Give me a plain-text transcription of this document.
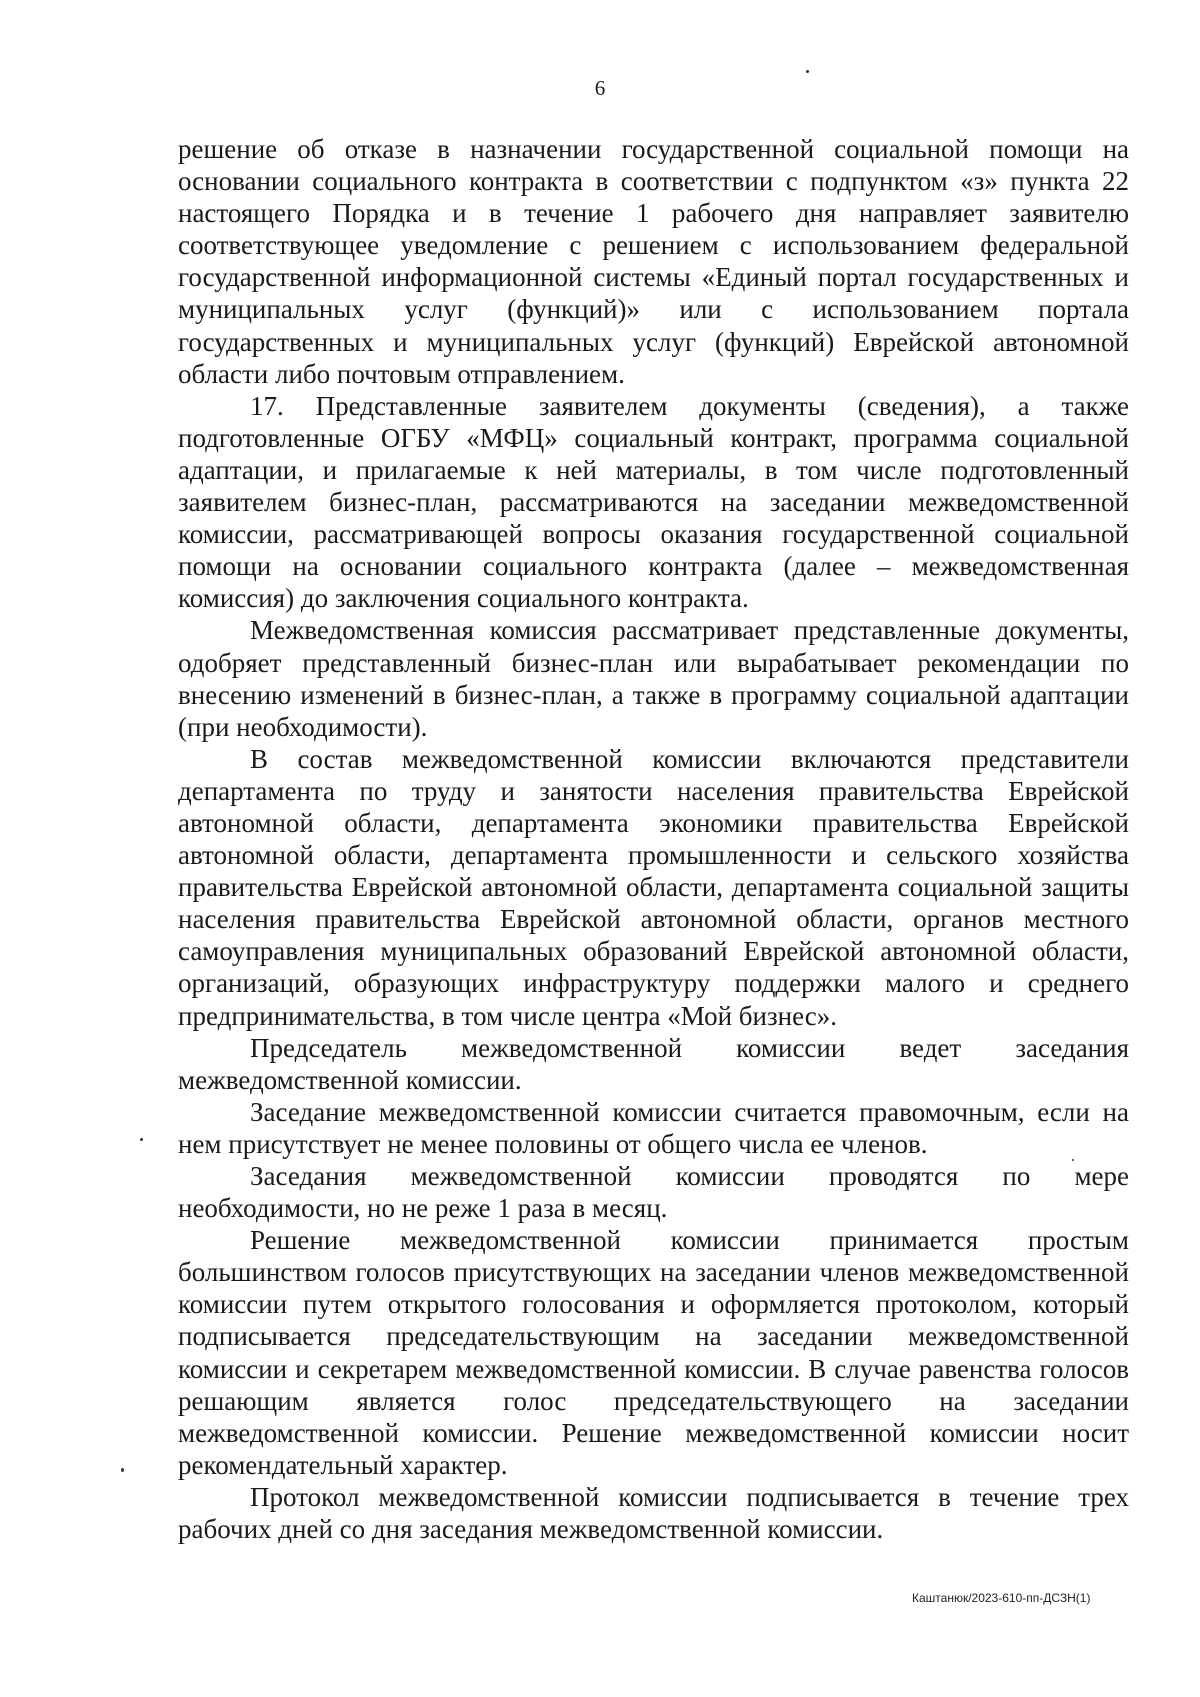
6

решение об отказе в назначении государственной социальной помощи на основании социального контракта в соответствии с подпунктом «з» пункта 22 настоящего Порядка и в течение 1 рабочего дня направляет заявителю соответствующее уведомление с решением с использованием федеральной государственной информационной системы «Единый портал государственных и муниципальных услуг (функций)» или с использованием портала государственных и муниципальных услуг (функций) Еврейской автономной области либо почтовым отправлением.

17. Представленные заявителем документы (сведения), а также подготовленные ОГБУ «МФЦ» социальный контракт, программа социальной адаптации, и прилагаемые к ней материалы, в том числе подготовленный заявителем бизнес-план, рассматриваются на заседании межведомственной комиссии, рассматривающей вопросы оказания государственной социальной помощи на основании социального контракта (далее – межведомственная комиссия) до заключения социального контракта.

Межведомственная комиссия рассматривает представленные документы, одобряет представленный бизнес-план или вырабатывает рекомендации по внесению изменений в бизнес-план, а также в программу социальной адаптации (при необходимости).

В состав межведомственной комиссии включаются представители департамента по труду и занятости населения правительства Еврейской автономной области, департамента экономики правительства Еврейской автономной области, департамента промышленности и сельского хозяйства правительства Еврейской автономной области, департамента социальной защиты населения правительства Еврейской автономной области, органов местного самоуправления муниципальных образований Еврейской автономной области, организаций, образующих инфраструктуру поддержки малого и среднего предпринимательства, в том числе центра «Мой бизнес».

Председатель межведомственной комиссии ведет заседания межведомственной комиссии.

Заседание межведомственной комиссии считается правомочным, если на нем присутствует не менее половины от общего числа ее членов.

Заседания межведомственной комиссии проводятся по мере необходимости, но не реже 1 раза в месяц.

Решение межведомственной комиссии принимается простым большинством голосов присутствующих на заседании членов межведомственной комиссии путем открытого голосования и оформляется протоколом, который подписывается председательствующим на заседании межведомственной комиссии и секретарем межведомственной комиссии. В случае равенства голосов решающим является голос председательствующего на заседании межведомственной комиссии. Решение межведомственной комиссии носит рекомендательный характер.

Протокол межведомственной комиссии подписывается в течение трех рабочих дней со дня заседания межведомственной комиссии.

Каштанюк/2023-610-пп-ДСЗН(1)
